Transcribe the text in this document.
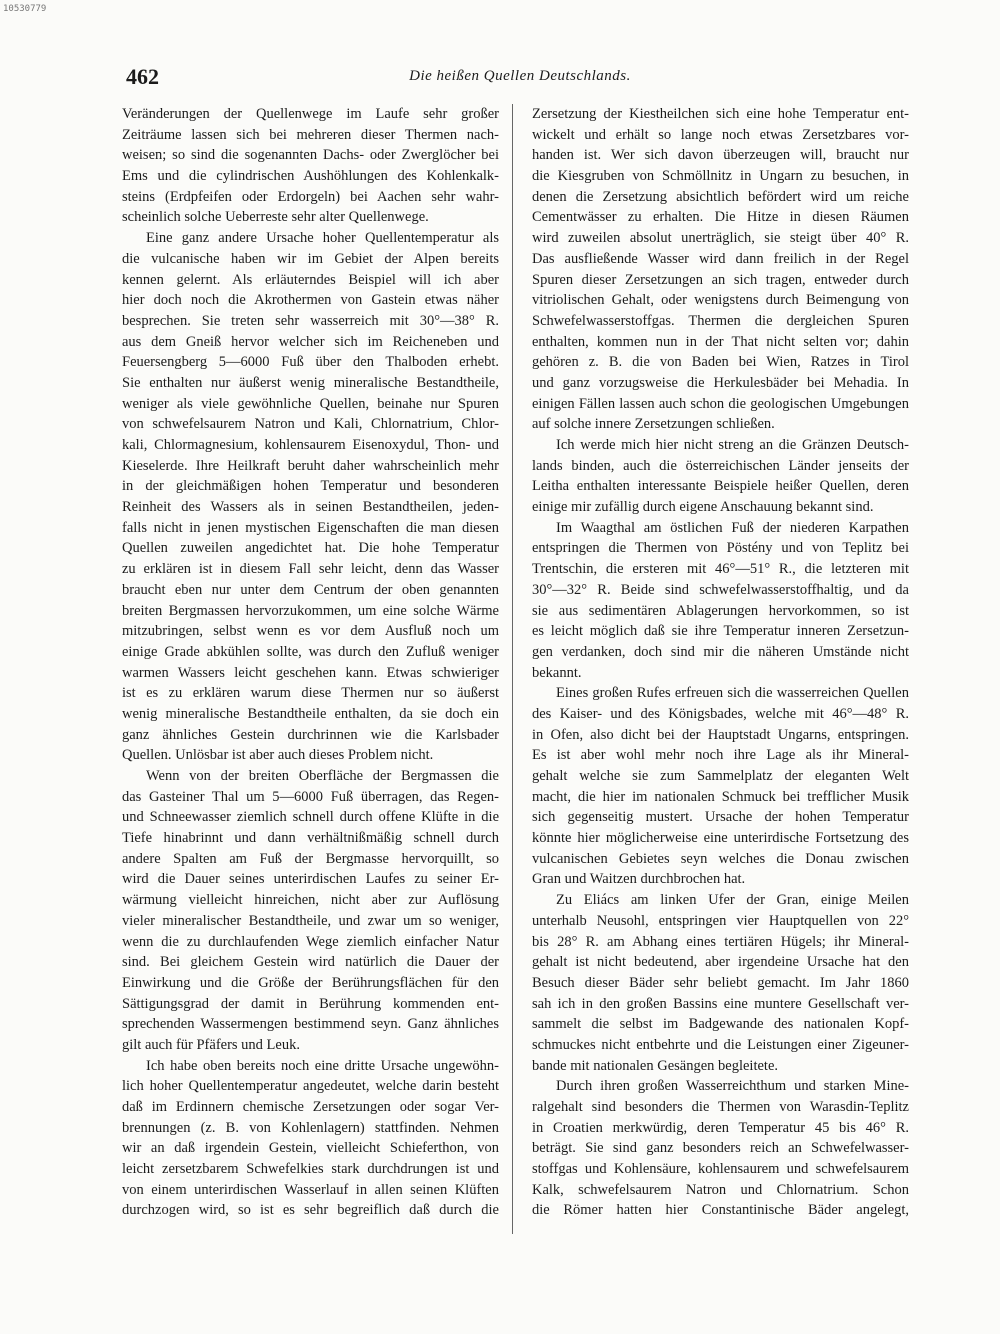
10530779
462	Die heißen Quellen Deutschlands.
Veränderungen der Quellenwege im Laufe sehr großer
Zeiträume lassen sich bei mehreren dieser Thermen nach-
weisen; so sind die sogenannten Dachs- oder Zwerglöcher bei
Ems und die cylindrischen Aushöhlungen des Kohlenkalk-
steins (Erdpfeifen oder Erdorgeln) bei Aachen sehr wahr-
scheinlich solche Ueberreste sehr alter Quellenwege.
Eine ganz andere Ursache hoher Quellentemperatur als
die vulcanische haben wir im Gebiet der Alpen bereits
kennen gelernt. Als erläuterndes Beispiel will ich aber
hier doch noch die Akrothermen von Gastein etwas näher
besprechen. Sie treten sehr wasserreich mit 30°—38° R.
aus dem Gneiß hervor welcher sich im Reicheneben und
Feuersengberg 5—6000 Fuß über den Thalboden erhebt.
Sie enthalten nur äußerst wenig mineralische Bestandtheile,
weniger als viele gewöhnliche Quellen, beinahe nur Spuren
von schwefelsaurem Natron und Kali, Chlornatrium, Chlor-
kali, Chlormagnesium, kohlensaurem Eisenoxydul, Thon- und
Kieselerde. Ihre Heilkraft beruht daher wahrscheinlich mehr
in der gleichmäßigen hohen Temperatur und besonderen
Reinheit des Wassers als in seinen Bestandtheilen, jeden-
falls nicht in jenen mystischen Eigenschaften die man diesen
Quellen zuweilen angedichtet hat. Die hohe Temperatur
zu erklären ist in diesem Fall sehr leicht, denn das Wasser
braucht eben nur unter dem Centrum der oben genannten
breiten Bergmassen hervorzukommen, um eine solche Wärme
mitzubringen, selbst wenn es vor dem Ausfluß noch um
einige Grade abkühlen sollte, was durch den Zufluß weniger
warmen Wassers leicht geschehen kann. Etwas schwieriger
ist es zu erklären warum diese Thermen nur so äußerst
wenig mineralische Bestandtheile enthalten, da sie doch ein
ganz ähnliches Gestein durchrinnen wie die Karlsbader
Quellen. Unlösbar ist aber auch dieses Problem nicht.
Wenn von der breiten Oberfläche der Bergmassen die
das Gasteiner Thal um 5—6000 Fuß überragen, das Regen-
und Schneewasser ziemlich schnell durch offene Klüfte in die
Tiefe hinabrinnt und dann verhältnißmäßig schnell durch
andere Spalten am Fuß der Bergmasse hervorquillt, so
wird die Dauer seines unterirdischen Laufes zu seiner Er-
wärmung vielleicht hinreichen, nicht aber zur Auflösung
vieler mineralischer Bestandtheile, und zwar um so weniger,
wenn die zu durchlaufenden Wege ziemlich einfacher Natur
sind. Bei gleichem Gestein wird natürlich die Dauer der
Einwirkung und die Größe der Berührungsflächen für den
Sättigungsgrad der damit in Berührung kommenden ent-
sprechenden Wassermengen bestimmend seyn. Ganz ähnliches
gilt auch für Pfäfers und Leuk.
Ich habe oben bereits noch eine dritte Ursache ungewöhn-
lich hoher Quellentemperatur angedeutet, welche darin besteht
daß im Erdinnern chemische Zersetzungen oder sogar Ver-
brennungen (z. B. von Kohlenlagern) stattfinden. Nehmen
wir an daß irgendein Gestein, vielleicht Schieferthon, von
leicht zersetzbarem Schwefelkies stark durchdrungen ist und
von einem unterirdischen Wasserlauf in allen seinen Klüften
durchzogen wird, so ist es sehr begreiflich daß durch die
Zersetzung der Kiestheilchen sich eine hohe Temperatur ent-
wickelt und erhält so lange noch etwas Zersetzbares vor-
handen ist. Wer sich davon überzeugen will, braucht nur
die Kiesgruben von Schmöllnitz in Ungarn zu besuchen, in
denen die Zersetzung absichtlich befördert wird um reiche
Cementwässer zu erhalten. Die Hitze in diesen Räumen
wird zuweilen absolut unerträglich, sie steigt über 40° R.
Das ausfließende Wasser wird dann freilich in der Regel
Spuren dieser Zersetzungen an sich tragen, entweder durch
vitriolischen Gehalt, oder wenigstens durch Beimengung von
Schwefelwasserstoffgas. Thermen die dergleichen Spuren
enthalten, kommen nun in der That nicht selten vor; dahin
gehören z. B. die von Baden bei Wien, Ratzes in Tirol
und ganz vorzugsweise die Herkulesbäder bei Mehadia. In
einigen Fällen lassen auch schon die geologischen Umgebungen
auf solche innere Zersetzungen schließen.
Ich werde mich hier nicht streng an die Gränzen Deutsch-
lands binden, auch die österreichischen Länder jenseits der
Leitha enthalten interessante Beispiele heißer Quellen, deren
einige mir zufällig durch eigene Anschauung bekannt sind.
Im Waagthal am östlichen Fuß der niederen Karpathen
entspringen die Thermen von Pöstény und von Teplitz bei
Trentschin, die ersteren mit 46°—51° R., die letzteren mit
30°—32° R. Beide sind schwefelwasserstoffhaltig, und da
sie aus sedimentären Ablagerungen hervorkommen, so ist
es leicht möglich daß sie ihre Temperatur inneren Zersetzun-
gen verdanken, doch sind mir die näheren Umstände nicht
bekannt.
Eines großen Rufes erfreuen sich die wasserreichen Quellen
des Kaiser- und des Königsbades, welche mit 46°—48° R.
in Ofen, also dicht bei der Hauptstadt Ungarns, entspringen.
Es ist aber wohl mehr noch ihre Lage als ihr Mineral-
gehalt welche sie zum Sammelplatz der eleganten Welt
macht, die hier im nationalen Schmuck bei trefflicher Musik
sich gegenseitig mustert. Ursache der hohen Temperatur
könnte hier möglicherweise eine unterirdische Fortsetzung des
vulcanischen Gebietes seyn welches die Donau zwischen
Gran und Waitzen durchbrochen hat.
Zu Eliács am linken Ufer der Gran, einige Meilen
unterhalb Neusohl, entspringen vier Hauptquellen von 22°
bis 28° R. am Abhang eines tertiären Hügels; ihr Mineral-
gehalt ist nicht bedeutend, aber irgendeine Ursache hat den
Besuch dieser Bäder sehr beliebt gemacht. Im Jahr 1860
sah ich in den großen Bassins eine muntere Gesellschaft ver-
sammelt die selbst im Badgewande des nationalen Kopf-
schmuckes nicht entbehrte und die Leistungen einer Zigeuner-
bande mit nationalen Gesängen begleitete.
Durch ihren großen Wasserreichthum und starken Mine-
ralgehalt sind besonders die Thermen von Warasdin-Teplitz
in Croatien merkwürdig, deren Temperatur 45 bis 46° R.
beträgt. Sie sind ganz besonders reich an Schwefelwasser-
stoffgas und Kohlensäure, kohlensaurem und schwefelsaurem
Kalk, schwefelsaurem Natron und Chlornatrium. Schon
die Römer hatten hier Constantinische Bäder angelegt,
